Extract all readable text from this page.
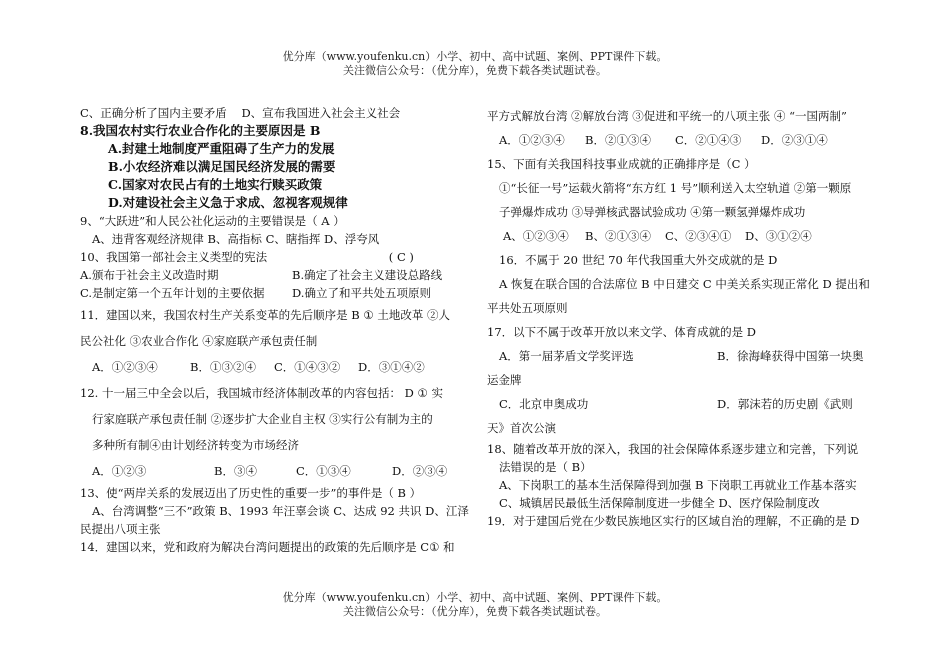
优分库（www.youfenku.cn）小学、初中、高中试题、案例、PPT课件下载。
关注微信公众号：（优分库），免费下载各类试题试卷。
C、正确分析了国内主要矛盾 D、宣布我国进入社会主义社会
8.我国农村实行农业合作化的主要原因是 B
A.封建土地制度严重阻碍了生产力的发展
B.小农经济难以满足国民经济发展的需要
C.国家对农民占有的土地实行赎买政策
D.对建设社会主义急于求成、忽视客观规律
9、“大跃进”和人民公社化运动的主要错误是（ A ）
A、违背客观经济规律 B、高指标 C、瞎指挥 D、浮夸风
10、我国第一部社会主义类型的宪法	( C )
A.颁布于社会主义改造时期	B.确定了社会主义建设总路线
C.是制定第一个五年计划的主要依据 D.确立了和平共处五项原则
11．建国以来，我国农村生产关系变革的先后顺序是 B ① 土地改革 ②人
民公社化 ③农业合作化 ④家庭联产承包责任制
A．①②③④	B．①③②④ C．①④③② D．③①④②
12. 十一届三中全会以后，我国城市经济体制改革的内容包括： D ① 实
行家庭联产承包责任制 ②逐步扩大企业自主权 ③实行公有制为主的
多种所有制④由计划经济转变为市场经济
A．①②③	B．③④	C．①③④	D．②③④
13、使“两岸关系的发展迈出了历史性的重要一步”的事件是（ B ）
A、台湾调整“三不”政策 B、1993 年汪辜会谈 C、达成 92 共识 D、江泽
民提出八项主张
14．建国以来，党和政府为解决台湾问题提出的政策的先后顺序是 C① 和
平方式解放台湾 ②解放台湾 ③促进和平统一的八项主张 ④ “一国两制”
A．①②③④ B．②①③④ C．②①④③ D．②③①④
15、下面有关我国科技事业成就的正确排序是（C ）
①“长征一号”运载火箭将“东方红 1 号”顺利送入太空轨道 ②第一颗原
子弹爆炸成功 ③导弹核武器试验成功 ④第一颗氢弹爆炸成功
A、①②③④ B、②①③④ C、②③④① D、③①②④
16．不属于 20 世纪 70 年代我国重大外交成就的是 D
A 恢复在联合国的合法席位 B 中日建交 C 中美关系实现正常化 D 提出和
平共处五项原则
17．以下不属于改革开放以来文学、体育成就的是 D
A．第一届茅盾文学奖评选	B．徐海峰获得中国第一块奥
运金牌
C．北京申奥成功	D．郭沫若的历史剧《武则
天》首次公演
18、随着改革开放的深入，我国的社会保障体系逐步建立和完善，下列说
法错误的是（ B）
A、下岗职工的基本生活保障得到加强 B 下岗职工再就业工作基本落实
C、城镇居民最低生活保障制度进一步健全 D、医疗保险制度改
19．对于建国后党在少数民族地区实行的区域自治的理解，不正确的是 D
优分库（www.youfenku.cn）小学、初中、高中试题、案例、PPT课件下载。
关注微信公众号：（优分库），免费下载各类试题试卷。
